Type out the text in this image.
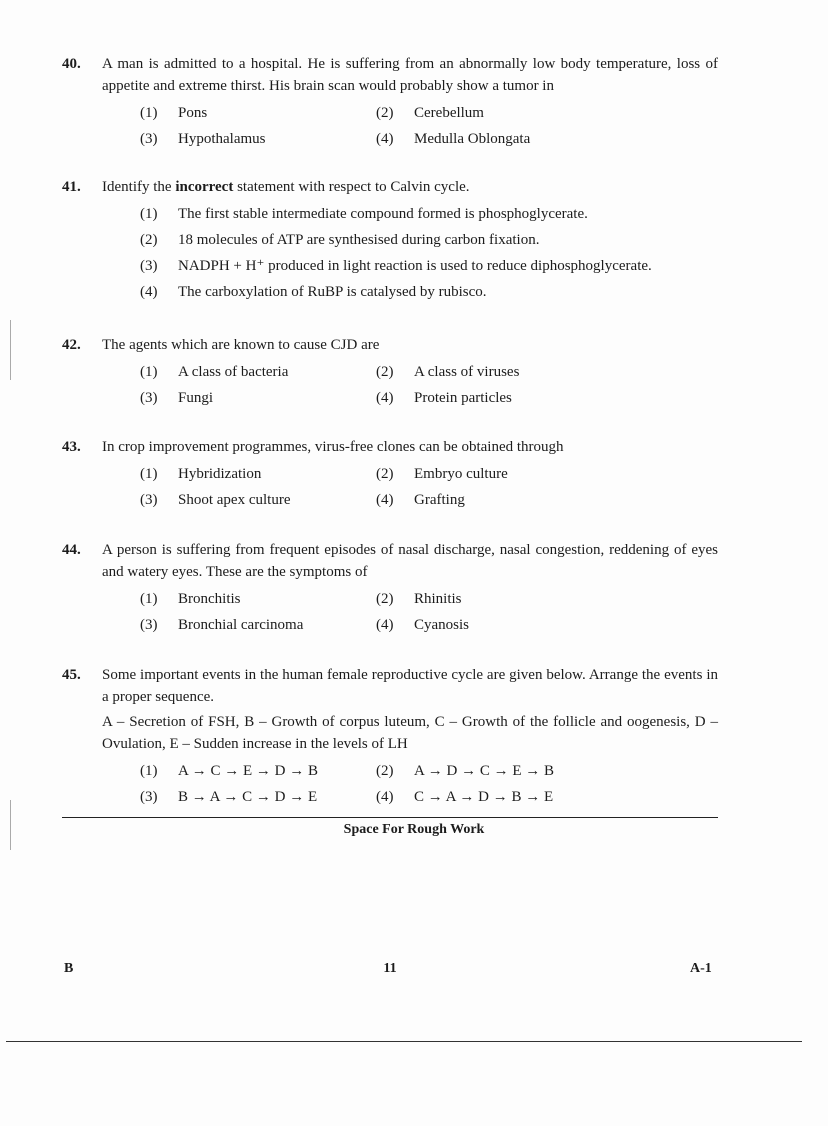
40.	A man is admitted to a hospital. He is suffering from an abnormally low body temperature, loss of appetite and extreme thirst. His brain scan would probably show a tumor in
(1)	Pons	(2)	Cerebellum
(3)	Hypothalamus	(4)	Medulla Oblongata
41.	Identify the incorrect statement with respect to Calvin cycle.
(1)	The first stable intermediate compound formed is phosphoglycerate.
(2)	18 molecules of ATP are synthesised during carbon fixation.
(3)	NADPH + H⁺ produced in light reaction is used to reduce diphosphoglycerate.
(4)	The carboxylation of RuBP is catalysed by rubisco.
42.	The agents which are known to cause CJD are
(1)	A class of bacteria	(2)	A class of viruses
(3)	Fungi	(4)	Protein particles
43.	In crop improvement programmes, virus-free clones can be obtained through
(1)	Hybridization	(2)	Embryo culture
(3)	Shoot apex culture	(4)	Grafting
44.	A person is suffering from frequent episodes of nasal discharge, nasal congestion, reddening of eyes and watery eyes. These are the symptoms of
(1)	Bronchitis	(2)	Rhinitis
(3)	Bronchial carcinoma	(4)	Cyanosis
45.	Some important events in the human female reproductive cycle are given below. Arrange the events in a proper sequence.
A – Secretion of FSH, B – Growth of corpus luteum, C – Growth of the follicle and oogenesis, D – Ovulation, E – Sudden increase in the levels of LH
(1)	A → C → E → D → B	(2)	A → D → C → E → B
(3)	B → A → C → D → E	(4)	C → A → D → B → E
Space For Rough Work
B	11	A-1
